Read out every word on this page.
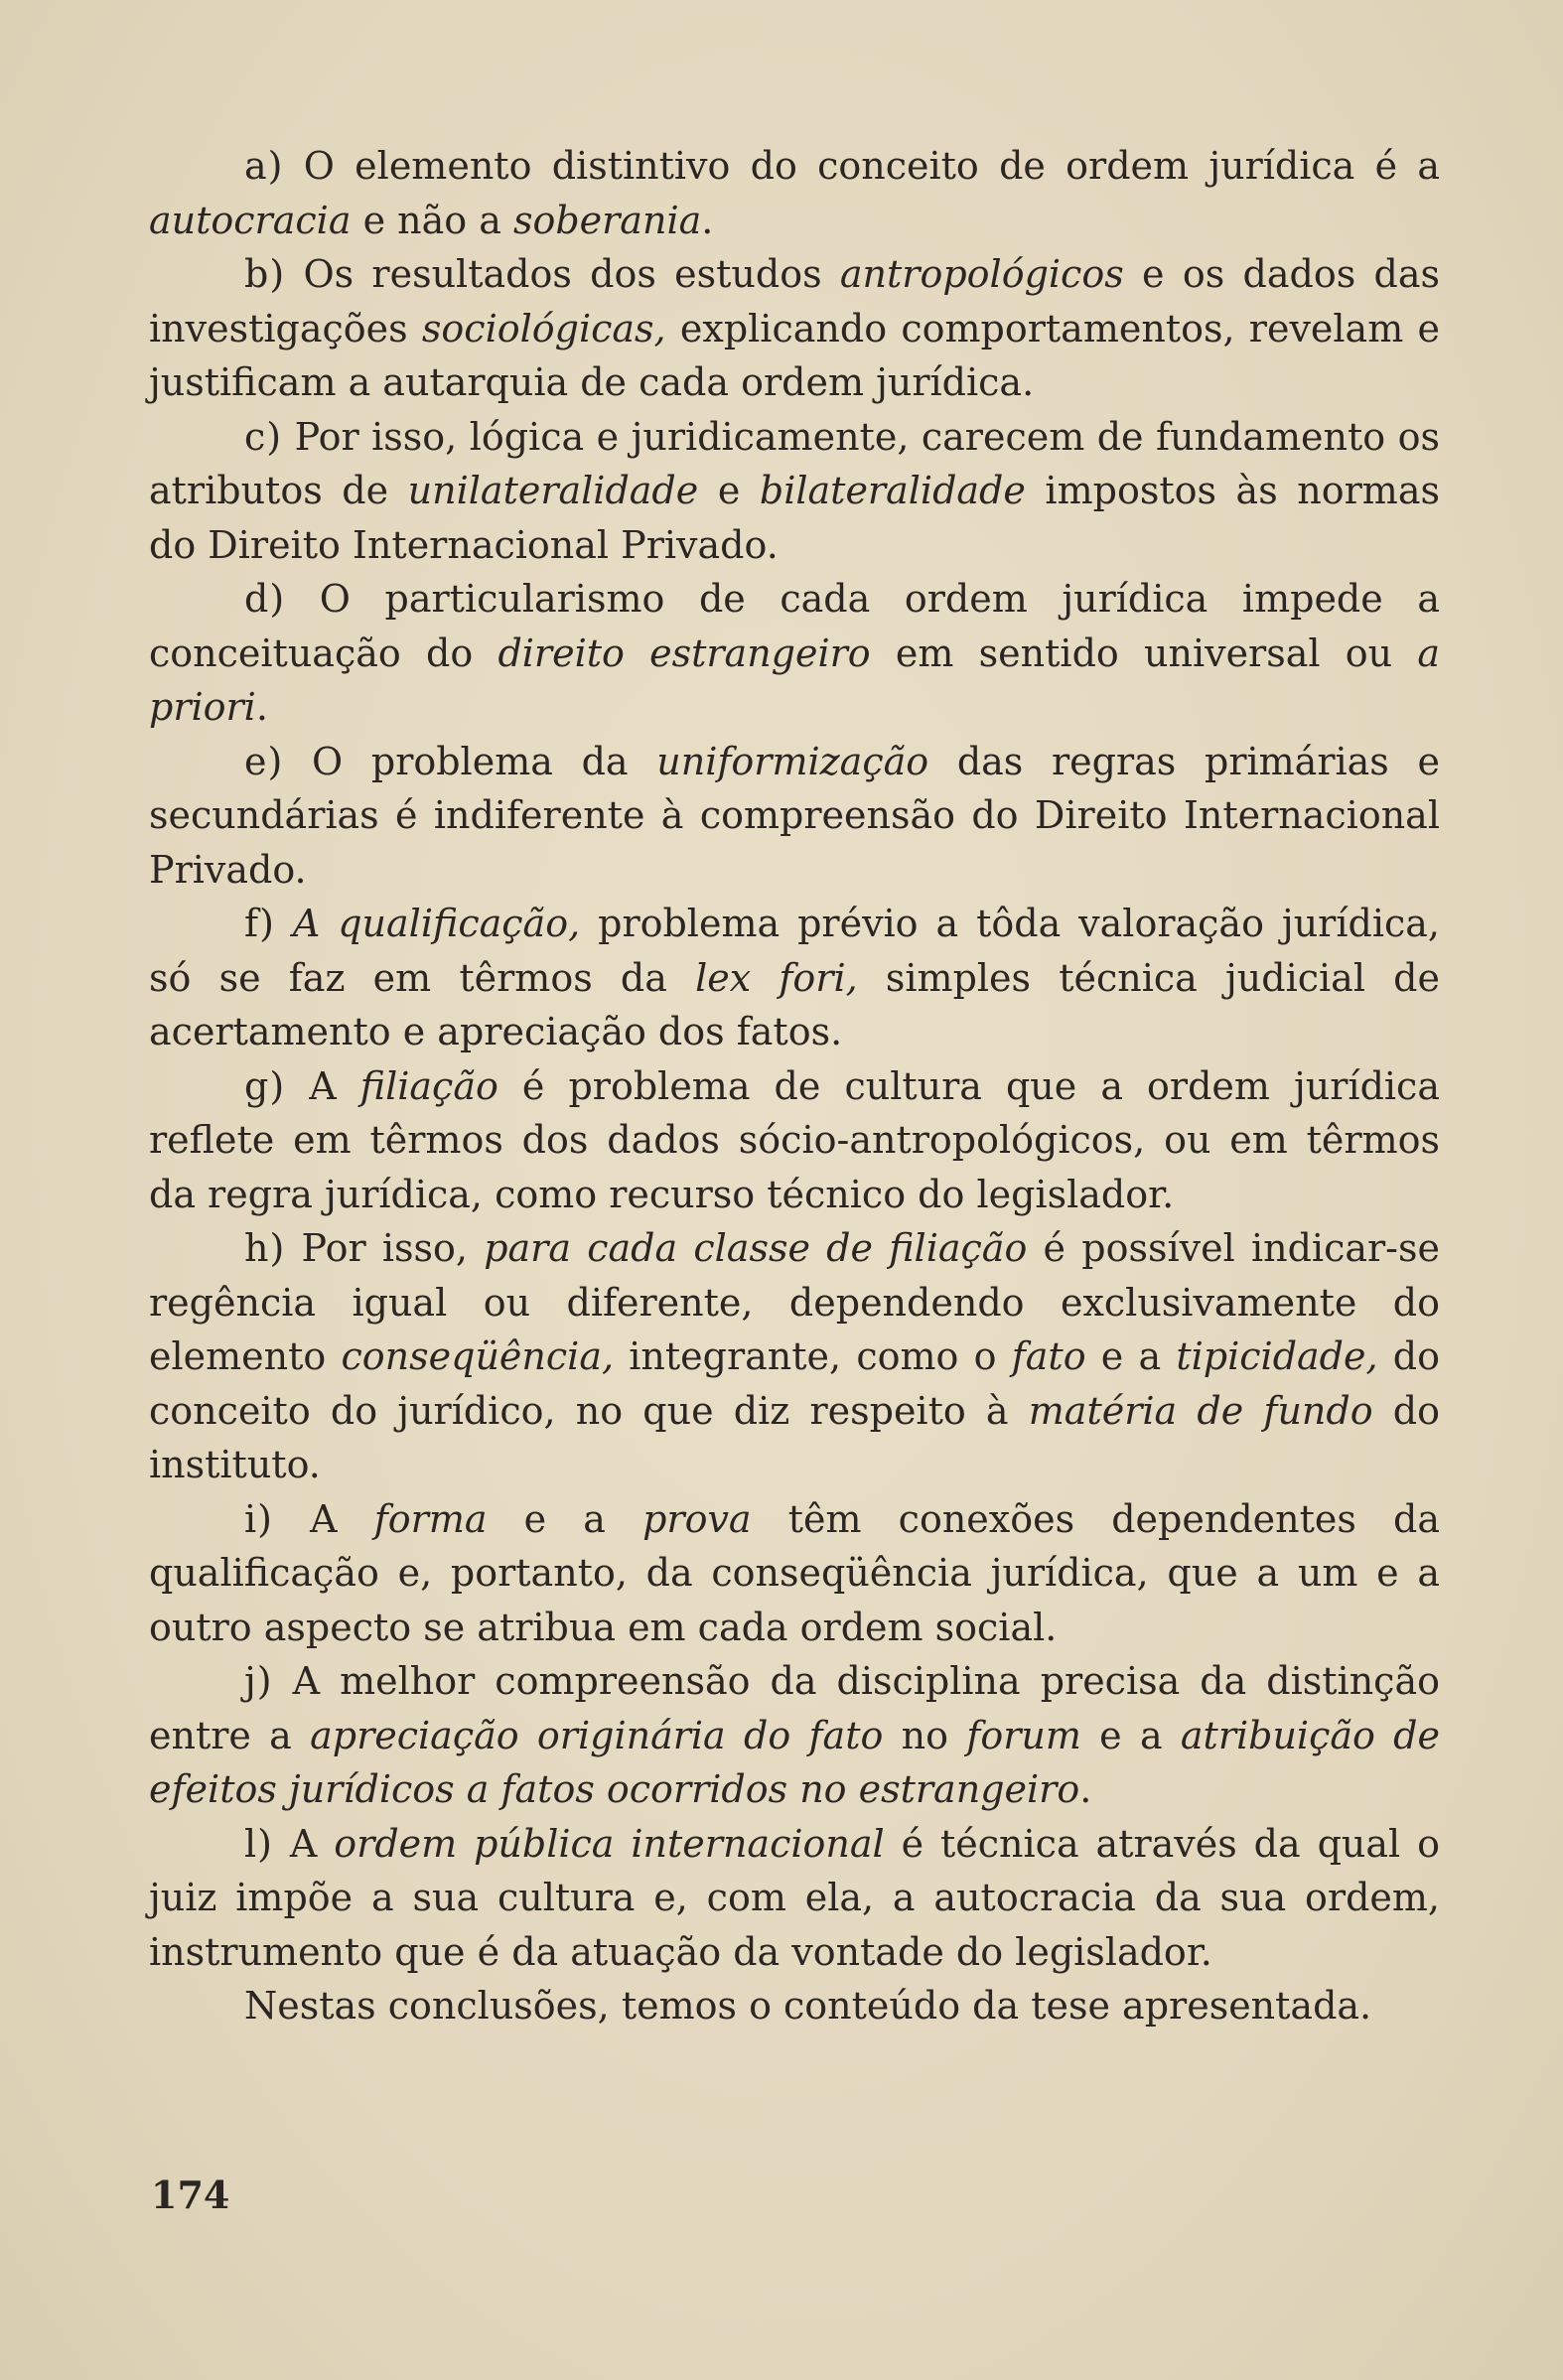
a) O elemento distintivo do conceito de ordem jurídica é a autocracia e não a soberania.

b) Os resultados dos estudos antropológicos e os dados das investigações sociológicas, explicando comportamentos, revelam e justificam a autarquia de cada ordem jurídica.

c) Por isso, lógica e juridicamente, carecem de fundamento os atributos de unilateralidade e bilateralidade impostos às normas do Direito Internacional Privado.

d) O particularismo de cada ordem jurídica impede a conceituação do direito estrangeiro em sentido universal ou a priori.

e) O problema da uniformização das regras primárias e secundárias é indiferente à compreensão do Direito Internacional Privado.

f) A qualificação, problema prévio a tôda valoração jurídica, só se faz em têrmos da lex fori, simples técnica judicial de acertamento e apreciação dos fatos.

g) A filiação é problema de cultura que a ordem jurídica reflete em têrmos dos dados sócio-antropológicos, ou em têrmos da regra jurídica, como recurso técnico do legislador.

h) Por isso, para cada classe de filiação é possível indicar-se regência igual ou diferente, dependendo exclusivamente do elemento conseqüência, integrante, como o fato e a tipicidade, do conceito do jurídico, no que diz respeito à matéria de fundo do instituto.

i) A forma e a prova têm conexões dependentes da qualificação e, portanto, da conseqüência jurídica, que a um e a outro aspecto se atribua em cada ordem social.

j) A melhor compreensão da disciplina precisa da distinção entre a apreciação originária do fato no forum e a atribuição de efeitos jurídicos a fatos ocorridos no estrangeiro.

l) A ordem pública internacional é técnica através da qual o juiz impõe a sua cultura e, com ela, a autocracia da sua ordem, instrumento que é da atuação da vontade do legislador.

Nestas conclusões, temos o conteúdo da tese apresentada.

174
